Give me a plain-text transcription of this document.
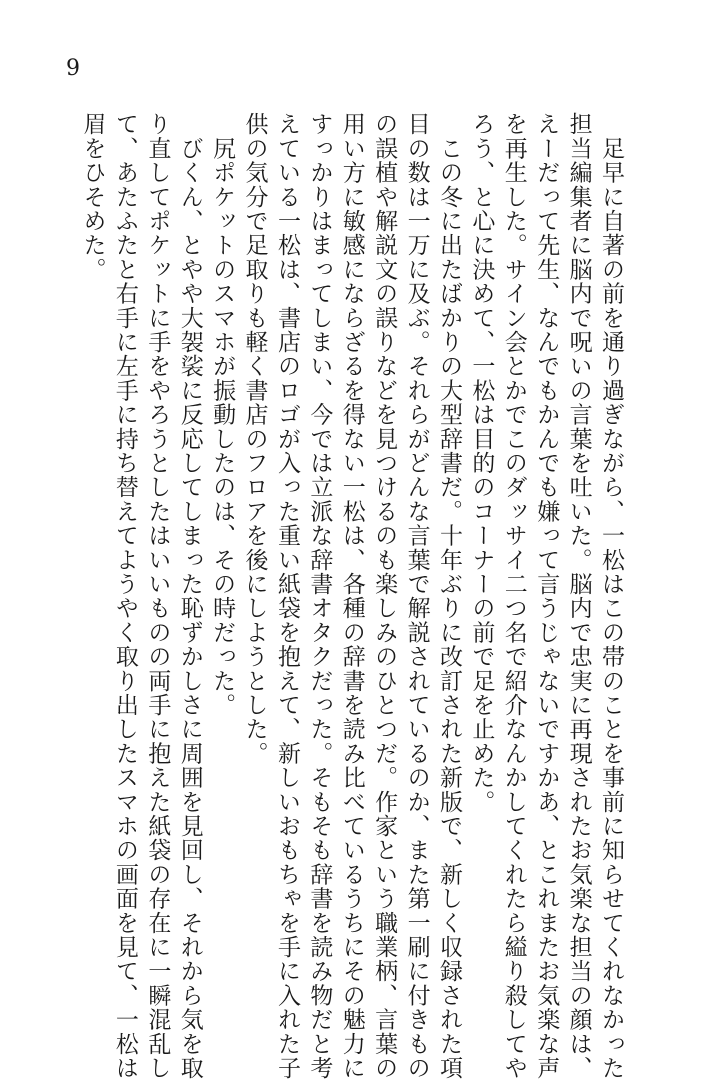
9
　足早に自著の前を通り過ぎながら、一松はこの帯のことを事前に知らせてくれなかった
担当編集者に脳内で呪いの言葉を吐いた。脳内で忠実に再現されたお気楽な担当の顔は、
えーだって先生、なんでもかんでも嫌って言うじゃないですかあ、とこれまたお気楽な声
を再生した。サイン会とかでこのダッサイ二つ名で紹介なんかしてくれたら縊り殺してや
ろう、と心に決めて、一松は目的のコーナーの前で足を止めた。
　この冬に出たばかりの大型辞書だ。十年ぶりに改訂された新版で、新しく収録された項
目の数は一万に及ぶ。それらがどんな言葉で解説されているのか、また第一刷に付きもの
の誤植や解説文の誤りなどを見つけるのも楽しみのひとつだ。作家という職業柄、言葉の
用い方に敏感にならざるを得ない一松は、各種の辞書を読み比べているうちにその魅力に
すっかりはまってしまい、今では立派な辞書オタクだった。そもそも辞書を読み物だと考
えている一松は、書店のロゴが入った重い紙袋を抱えて、新しいおもちゃを手に入れた子
供の気分で足取りも軽く書店のフロアを後にしようとした。
　尻ポケットのスマホが振動したのは、その時だった。
　びくん、とやや大袈裟に反応してしまった恥ずかしさに周囲を見回し、それから気を取
り直してポケットに手をやろうとしたはいいものの両手に抱えた紙袋の存在に一瞬混乱し
て、あたふたと右手に左手に持ち替えてようやく取り出したスマホの画面を見て、一松は
眉をひそめた。
